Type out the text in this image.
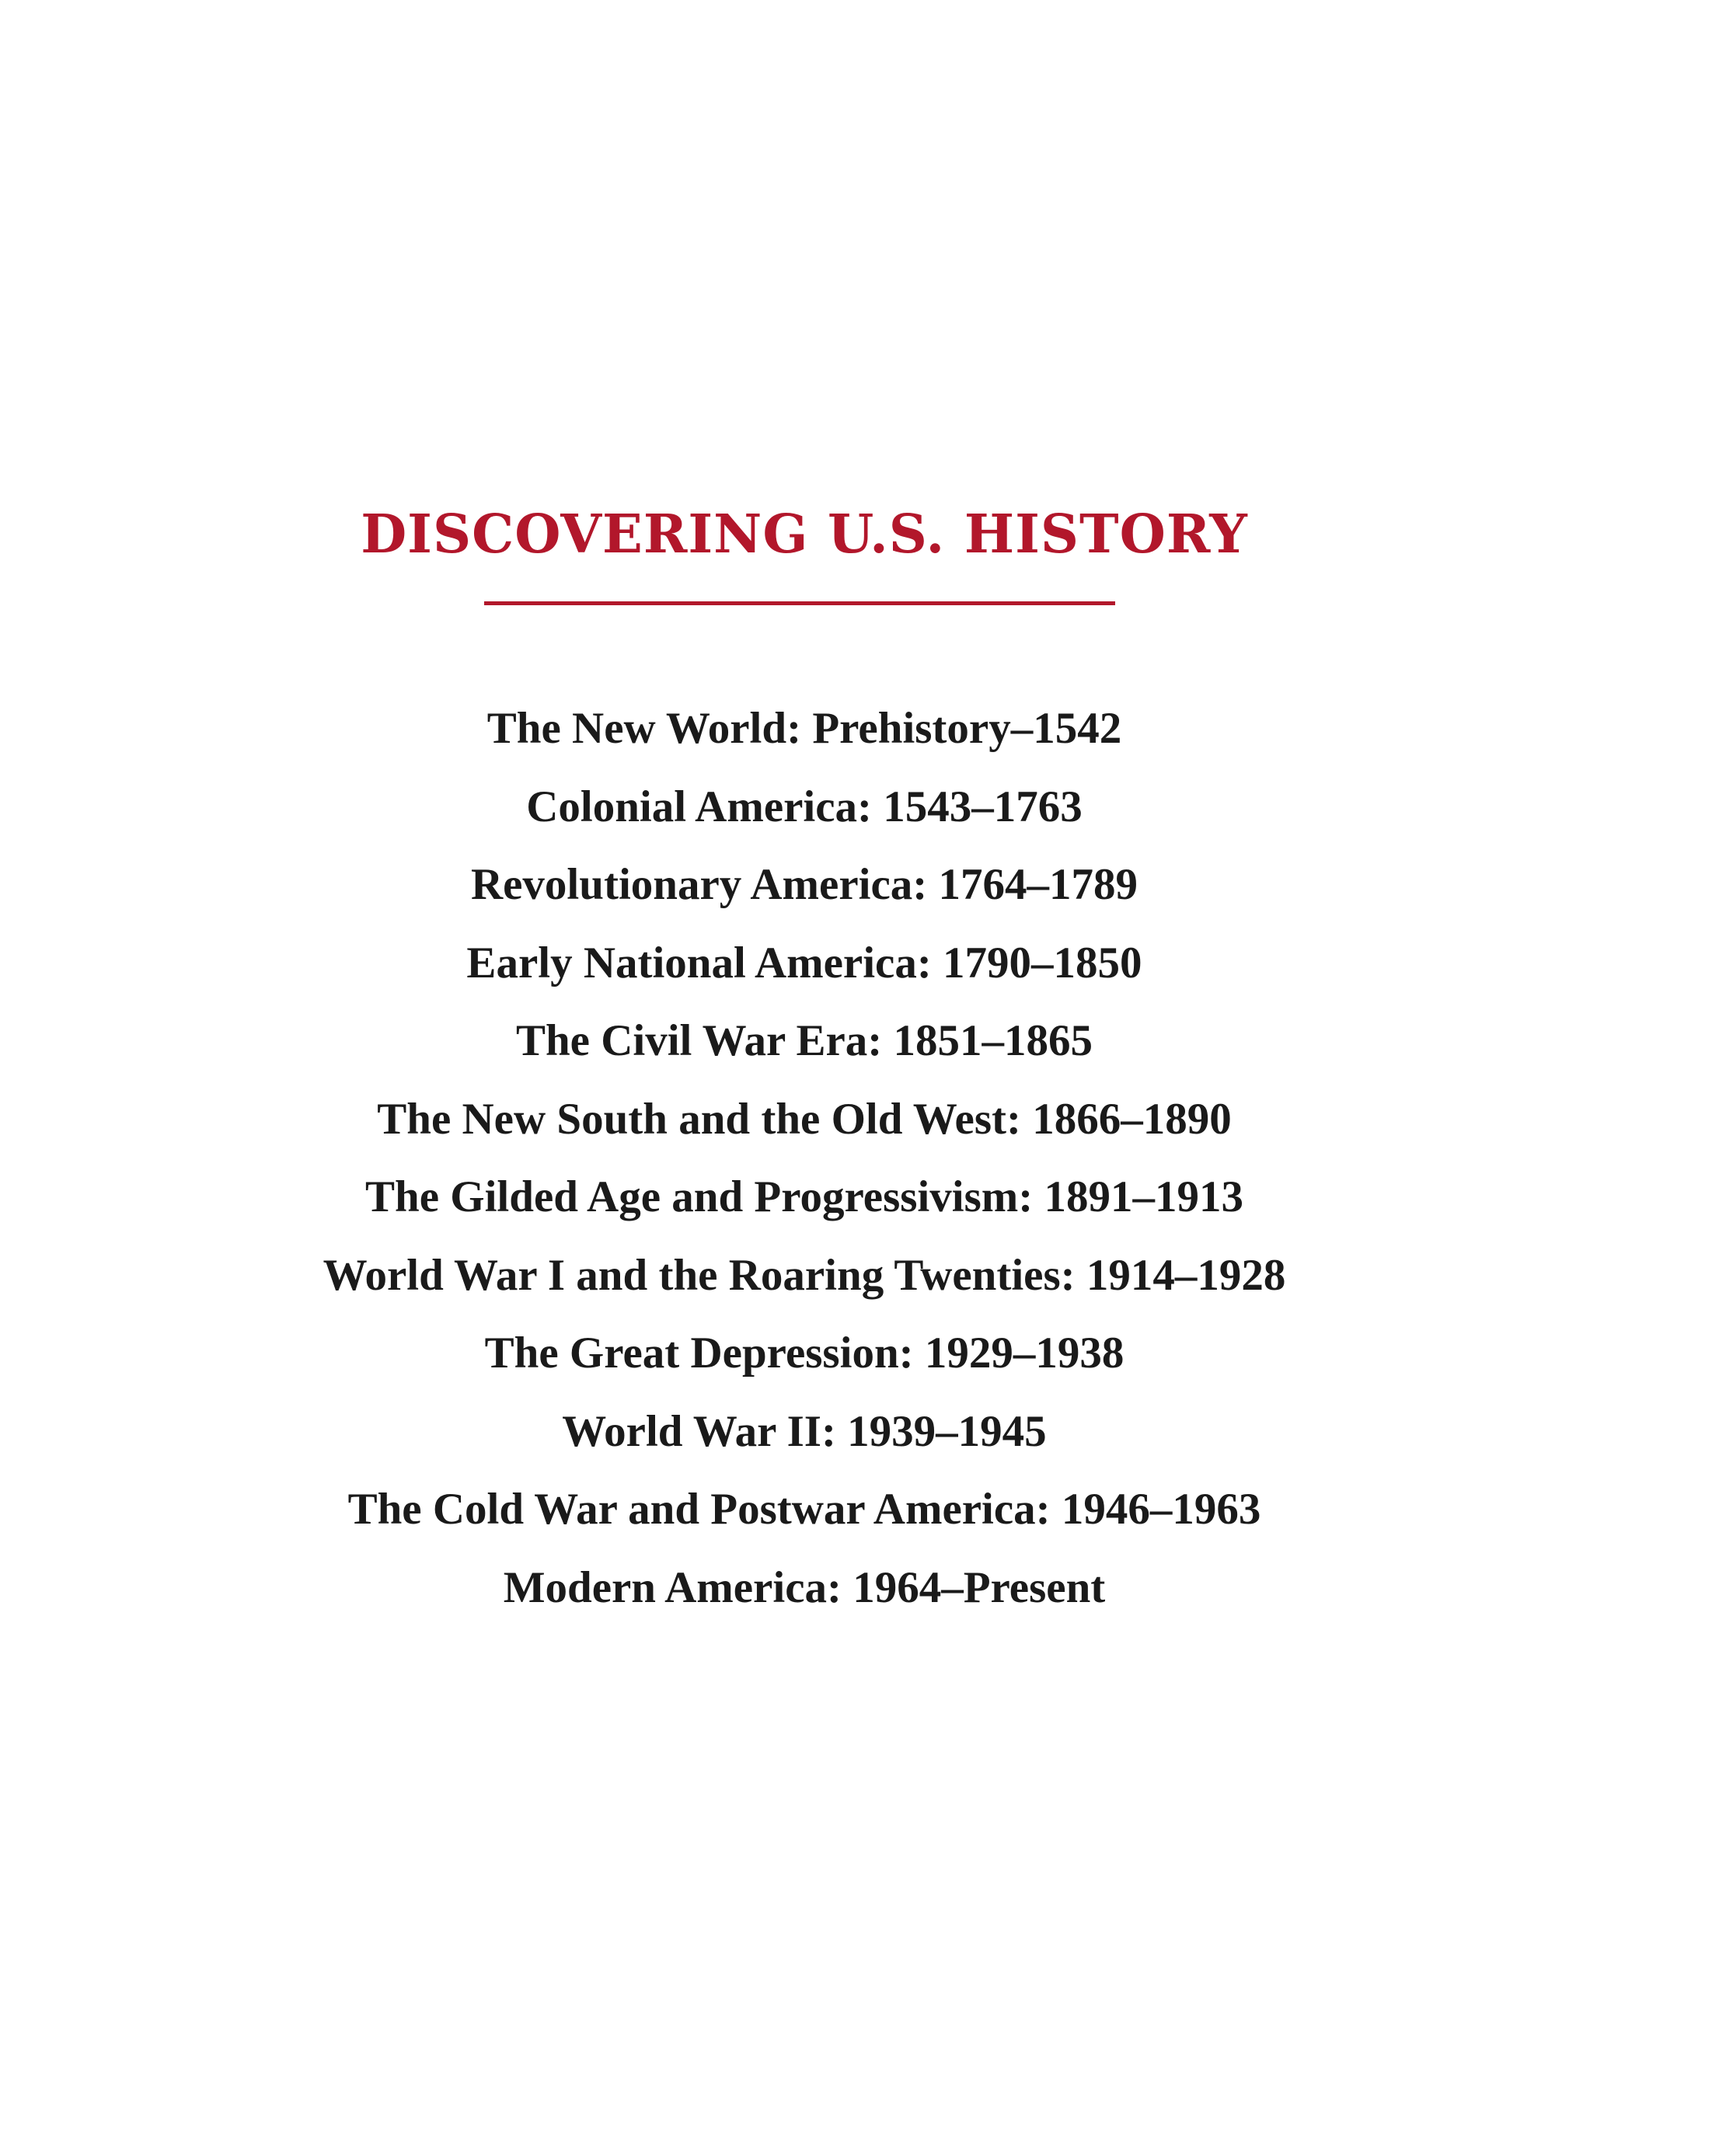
DISCOVERING U.S. HISTORY
The New World: Prehistory–1542
Colonial America: 1543–1763
Revolutionary America: 1764–1789
Early National America: 1790–1850
The Civil War Era: 1851–1865
The New South and the Old West: 1866–1890
The Gilded Age and Progressivism: 1891–1913
World War I and the Roaring Twenties: 1914–1928
The Great Depression: 1929–1938
World War II: 1939–1945
The Cold War and Postwar America: 1946–1963
Modern America: 1964–Present
